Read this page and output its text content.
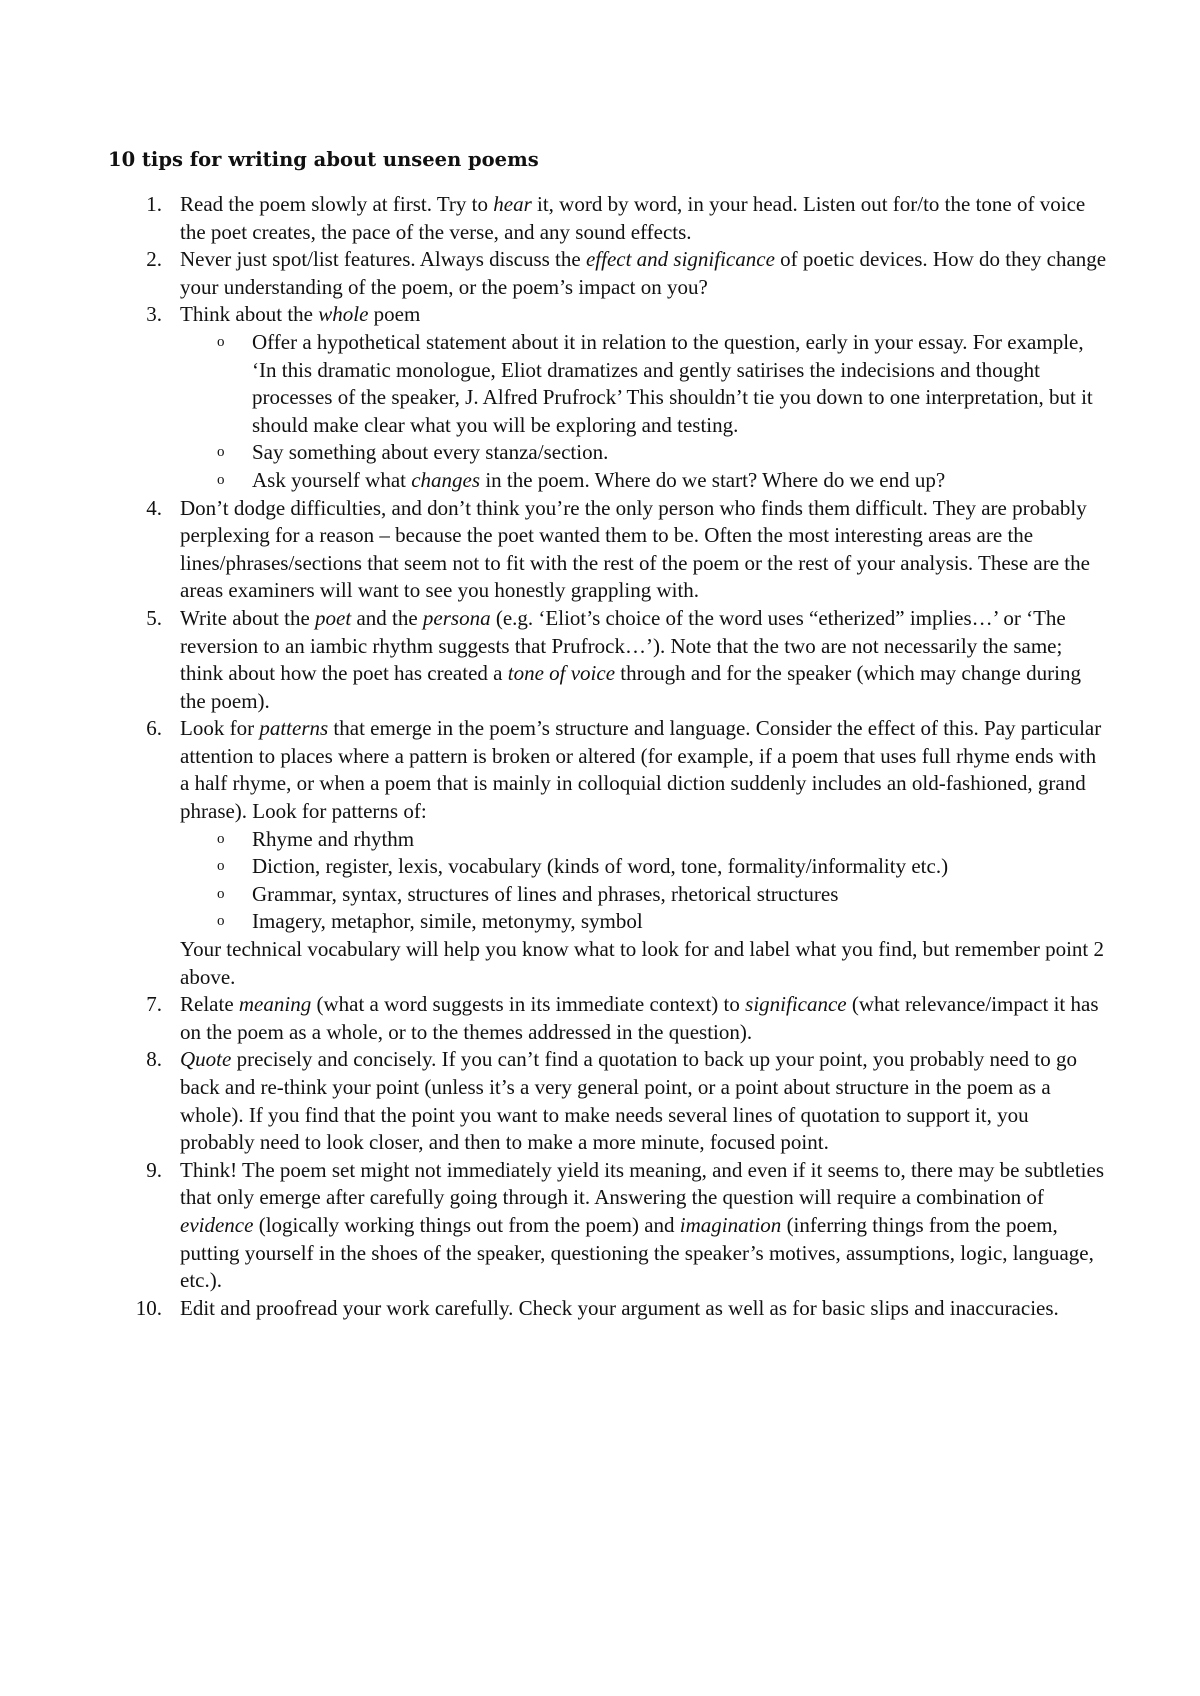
10 tips for writing about unseen poems
1. Read the poem slowly at first. Try to hear it, word by word, in your head. Listen out for/to the tone of voice the poet creates, the pace of the verse, and any sound effects.

2. Never just spot/list features. Always discuss the effect and significance of poetic devices. How do they change your understanding of the poem, or the poem’s impact on you?

3. Think about the whole poem

o Offer a hypothetical statement about it in relation to the question, early in your essay. For example, ‘In this dramatic monologue, Eliot dramatizes and gently satirises the indecisions and thought processes of the speaker, J. Alfred Prufrock’ This shouldn’t tie you down to one interpretation, but it should make clear what you will be exploring and testing.
o Say something about every stanza/section.
o Ask yourself what changes in the poem. Where do we start? Where do we end up?
4. Don’t dodge difficulties, and don’t think you’re the only person who finds them difficult. They are probably perplexing for a reason – because the poet wanted them to be. Often the most interesting areas are the lines/phrases/sections that seem not to fit with the rest of the poem or the rest of your analysis. These are the areas examiners will want to see you honestly grappling with.

5. Write about the poet and the persona (e.g. ‘Eliot’s choice of the word uses “etherized” implies…’ or ‘The reversion to an iambic rhythm suggests that Prufrock…’). Note that the two are not necessarily the same; think about how the poet has created a tone of voice through and for the speaker (which may change during the poem).

6. Look for patterns that emerge in the poem’s structure and language. Consider the effect of this. Pay particular attention to places where a pattern is broken or altered (for example, if a poem that uses full rhyme ends with a half rhyme, or when a poem that is mainly in colloquial diction suddenly includes an old-fashioned, grand phrase). Look for patterns of:

o Rhyme and rhythm
o Diction, register, lexis, vocabulary (kinds of word, tone, formality/informality etc.)
o Grammar, syntax, structures of lines and phrases, rhetorical structures
o Imagery, metaphor, simile, metonymy, symbol
Your technical vocabulary will help you know what to look for and label what you find, but remember point 2 above.
7. Relate meaning (what a word suggests in its immediate context) to significance (what relevance/impact it has on the poem as a whole, or to the themes addressed in the question).

8. Quote precisely and concisely. If you can’t find a quotation to back up your point, you probably need to go back and re-think your point (unless it’s a very general point, or a point about structure in the poem as a whole). If you find that the point you want to make needs several lines of quotation to support it, you probably need to look closer, and then to make a more minute, focused point.

9. Think! The poem set might not immediately yield its meaning, and even if it seems to, there may be subtleties that only emerge after carefully going through it. Answering the question will require a combination of evidence (logically working things out from the poem) and imagination (inferring things from the poem, putting yourself in the shoes of the speaker, questioning the speaker’s motives, assumptions, logic, language, etc.).

10. Edit and proofread your work carefully. Check your argument as well as for basic slips and inaccuracies.
